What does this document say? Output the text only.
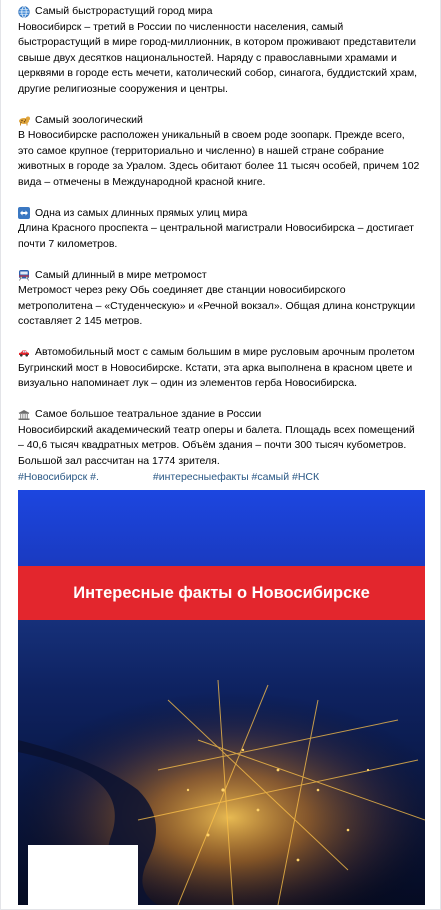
Самый быстрорастущий город мира
Новосибирск – третий в России по численности населения, самый
быстрорастущий в мире город-миллионник, в котором проживают представители
свыше двух десятков национальностей. Наряду с православными храмами и
церквями в городе есть мечети, католический собор, синагога, буддистский храм,
другие религиозные сооружения и центры.
Самый зоологический
В Новосибирске расположен уникальный в своем роде зоопарк. Прежде всего,
это самое крупное (территориально и численно) в нашей стране собрание
животных в городе за Уралом. Здесь обитают более 11 тысяч особей, причем 102
вида – отмечены в Международной красной книге.
Одна из самых длинных прямых улиц мира
Длина Красного проспекта – центральной магистрали Новосибирска – достигает
почти 7 километров.
Самый длинный в мире метромост
Метромост через реку Обь соединяет две станции новосибирского
метрополитена – «Студенческую» и «Речной вокзал». Общая длина конструкции
составляет 2 145 метров.
Автомобильный мост с самым большим в мире русловым арочным пролетом
Бугринский мост в Новосибирске. Кстати, эта арка выполнена в красном цвете и
визуально напоминает лук – один из элементов герба Новосибирска.
Самое большое театральное здание в России
Новосибирский академический театр оперы и балета. Площадь всех помещений
– 40,6 тысяч квадратных метров. Объём здания – почти 300 тысяч кубометров.
Большой зал рассчитан на 1774 зрителя.
#Новосибирск #.	#интересныефакты #самый #НСК
Интересные факты о Новосибирске
